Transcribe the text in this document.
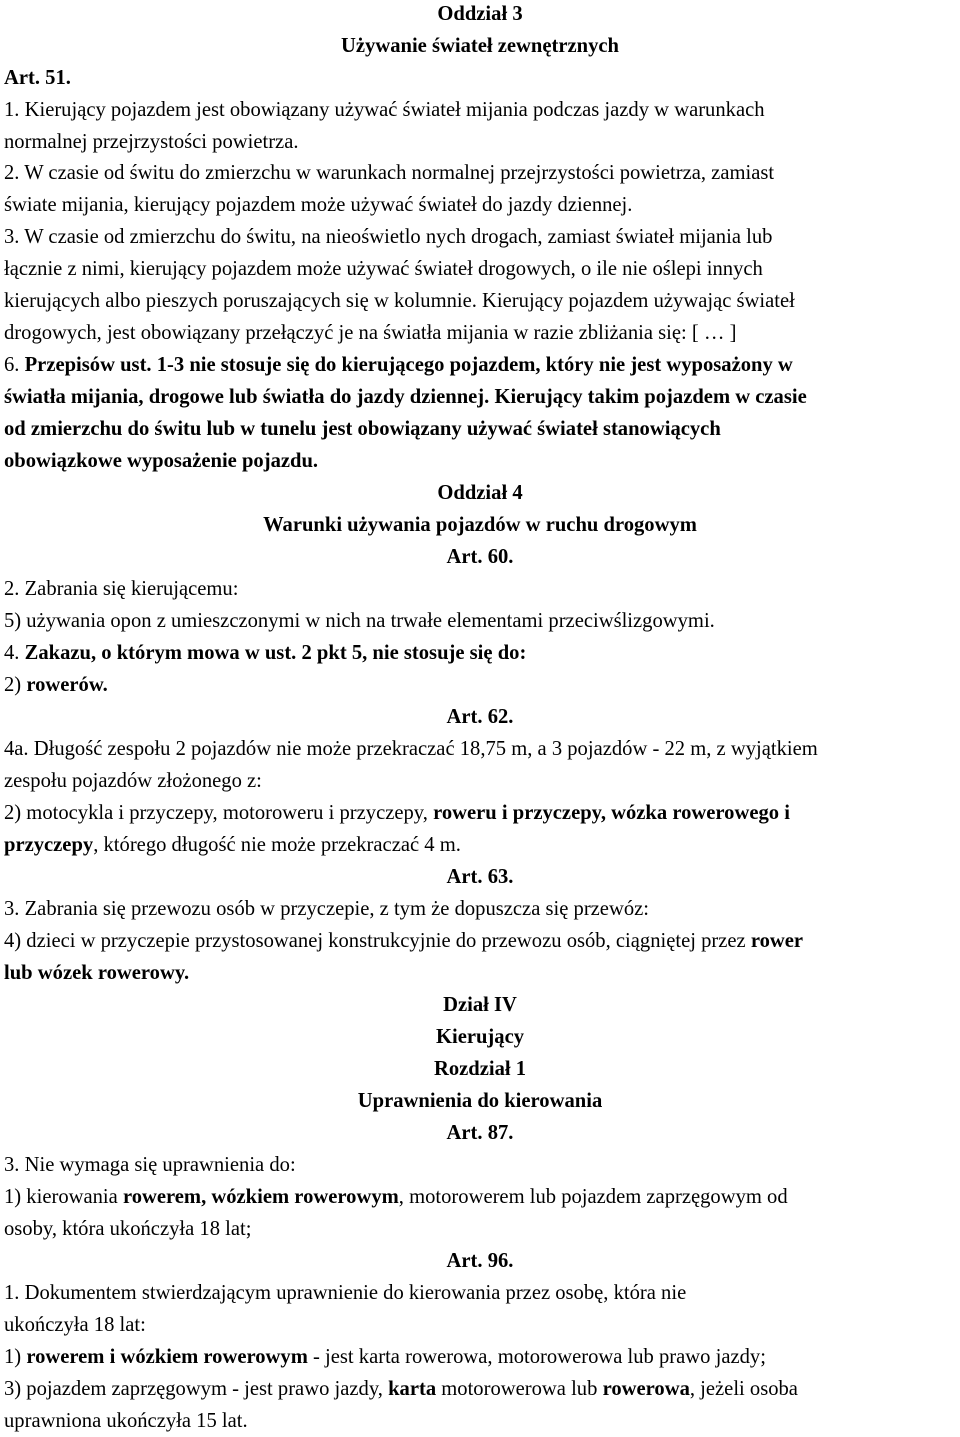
Oddział 3
Używanie świateł zewnętrznych
Art. 51.
1. Kierujący pojazdem jest obowiązany używać świateł mijania podczas jazdy w warunkach
normalnej przejrzystości powietrza.
2. W czasie od świtu do zmierzchu w warunkach normalnej przejrzystości powietrza, zamiast
świate mijania, kierujący pojazdem może używać świateł do jazdy dziennej.
3. W czasie od zmierzchu do świtu, na nieoświetlo nych drogach, zamiast świateł mijania lub
łącznie z nimi, kierujący pojazdem może używać świateł drogowych, o ile nie oślepi innych
kierujących albo pieszych poruszających się w kolumnie. Kierujący pojazdem używając świateł
drogowych, jest obowiązany przełączyć je na światła mijania w razie zbliżania się: [ … ]
6. Przepisów ust. 1-3 nie stosuje się do kierującego pojazdem, który nie jest wyposażony w
światła mijania, drogowe lub światła do jazdy dziennej. Kierujący takim pojazdem w czasie
od zmierzchu do świtu lub w tunelu jest obowiązany używać świateł stanowiących
obowiązkowe wyposażenie pojazdu.
Oddział 4
Warunki używania pojazdów w ruchu drogowym
Art. 60.
2. Zabrania się kierującemu:
5) używania opon z umieszczonymi w nich na trwałe elementami przeciwślizgowymi.
4. Zakazu, o którym mowa w ust. 2 pkt 5, nie stosuje się do:
2) rowerów.
Art. 62.
4a. Długość zespołu 2 pojazdów nie może przekraczać 18,75 m, a 3 pojazdów - 22 m, z wyjątkiem
zespołu pojazdów złożonego z:
2) motocykla i przyczepy, motoroweru i przyczepy, roweru i przyczepy, wózka rowerowego i
przyczepy, którego długość nie może przekraczać 4 m.
Art. 63.
3. Zabrania się przewozu osób w przyczepie, z tym że dopuszcza się przewóz:
4) dzieci w przyczepie przystosowanej konstrukcyjnie do przewozu osób, ciągniętej przez rower
lub wózek rowerowy.
Dział IV
Kierujący
Rozdział 1
Uprawnienia do kierowania
Art. 87.
3. Nie wymaga się uprawnienia do:
1) kierowania rowerem, wózkiem rowerowym, motorowerem lub pojazdem zaprzęgowym od
osoby, która ukończyła 18 lat;
Art. 96.
1. Dokumentem stwierdzającym uprawnienie do kierowania przez osobę, która nie
ukończyła 18 lat:
1) rowerem i wózkiem rowerowym - jest karta rowerowa, motorowerowa lub prawo jazdy;
3) pojazdem zaprzęgowym - jest prawo jazdy, karta motorowerowa lub rowerowa, jeżeli osoba
uprawniona ukończyła 15 lat.
